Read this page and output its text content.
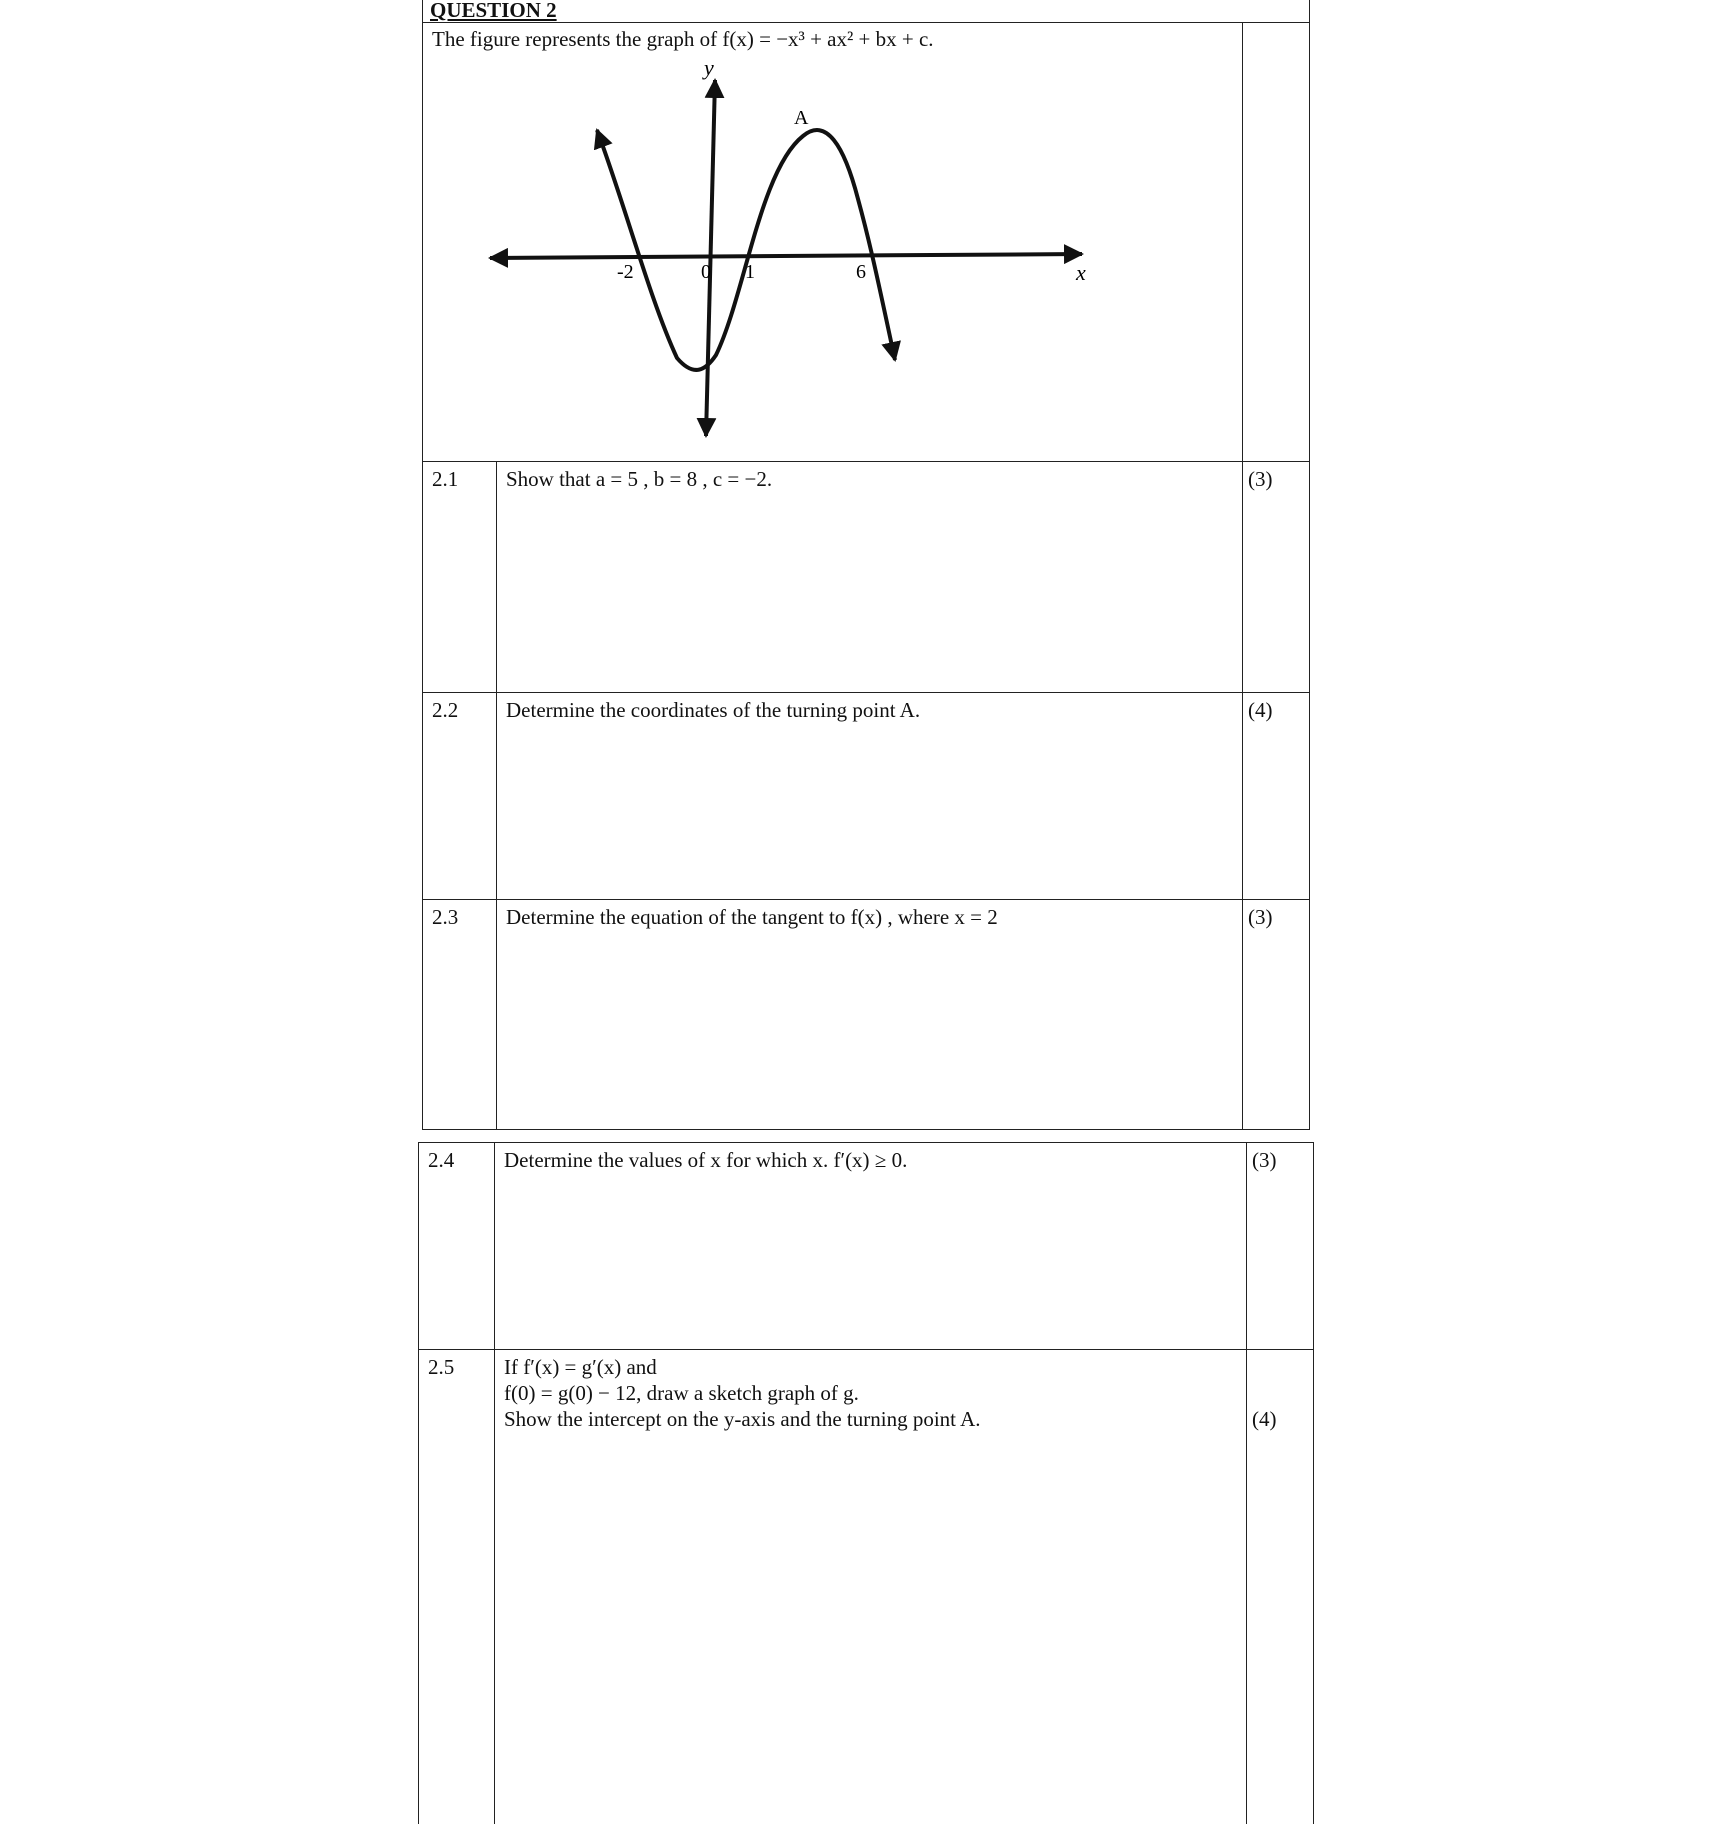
QUESTION 2
The figure represents the graph of f(x) = −x³ + ax² + bx + c.
-2	0 1	6	x
y
A
2.1 Show that a = 5 , b = 8 , c = −2.	(3)
2.2 Determine the coordinates of the turning point A.	(4)
2.3 Determine the equation of the tangent to f(x) , where x = 2	(3)
2.4 Determine the values of x for which x. f′(x) ≥ 0.	(3)
2.5 If f′(x) = g′(x) and
f(0) = g(0) − 12, draw a sketch graph of g.
Show the intercept on the y-axis and the turning point A.	(4)
